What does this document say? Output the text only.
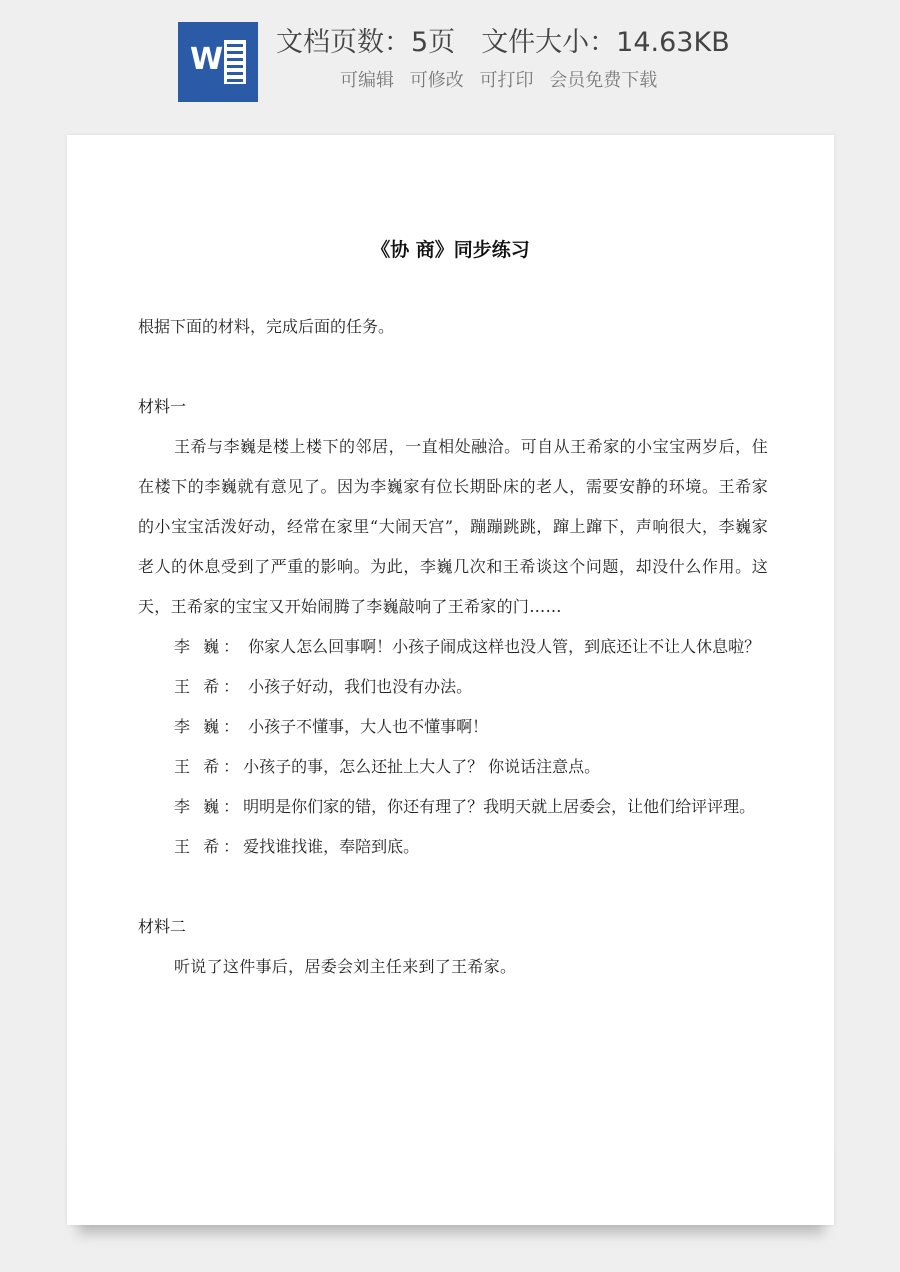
W 文档页数：5页 文件大小：14.63KB
可编辑 可修改 可打印 会员免费下载
《协 商》同步练习

根据下面的材料，完成后面的任务。

材料一

王希与李巍是楼上楼下的邻居，一直相处融洽。可自从王希家的小宝宝两岁后，住在楼下的李巍就有意见了。因为李巍家有位长期卧床的老人，需要安静的环境。王希家的小宝宝活泼好动，经常在家里“大闹天宫”，蹦蹦跳跳，蹿上蹿下，声响很大，李巍家老人的休息受到了严重的影响。为此，李巍几次和王希谈这个问题，却没什么作用。这天，王希家的宝宝又开始闹腾了李巍敲响了王希家的门……

李 巍： 你家人怎么回事啊！小孩子闹成这样也没人管，到底还让不让人休息啦？

王 希： 小孩子好动，我们也没有办法。

李 巍： 小孩子不懂事，大人也不懂事啊！

王 希：小孩子的事，怎么还扯上大人了？ 你说话注意点。

李 巍：明明是你们家的错，你还有理了？我明天就上居委会，让他们给评评理。

王 希：爱找谁找谁，奉陪到底。

材料二

听说了这件事后，居委会刘主任来到了王希家。
